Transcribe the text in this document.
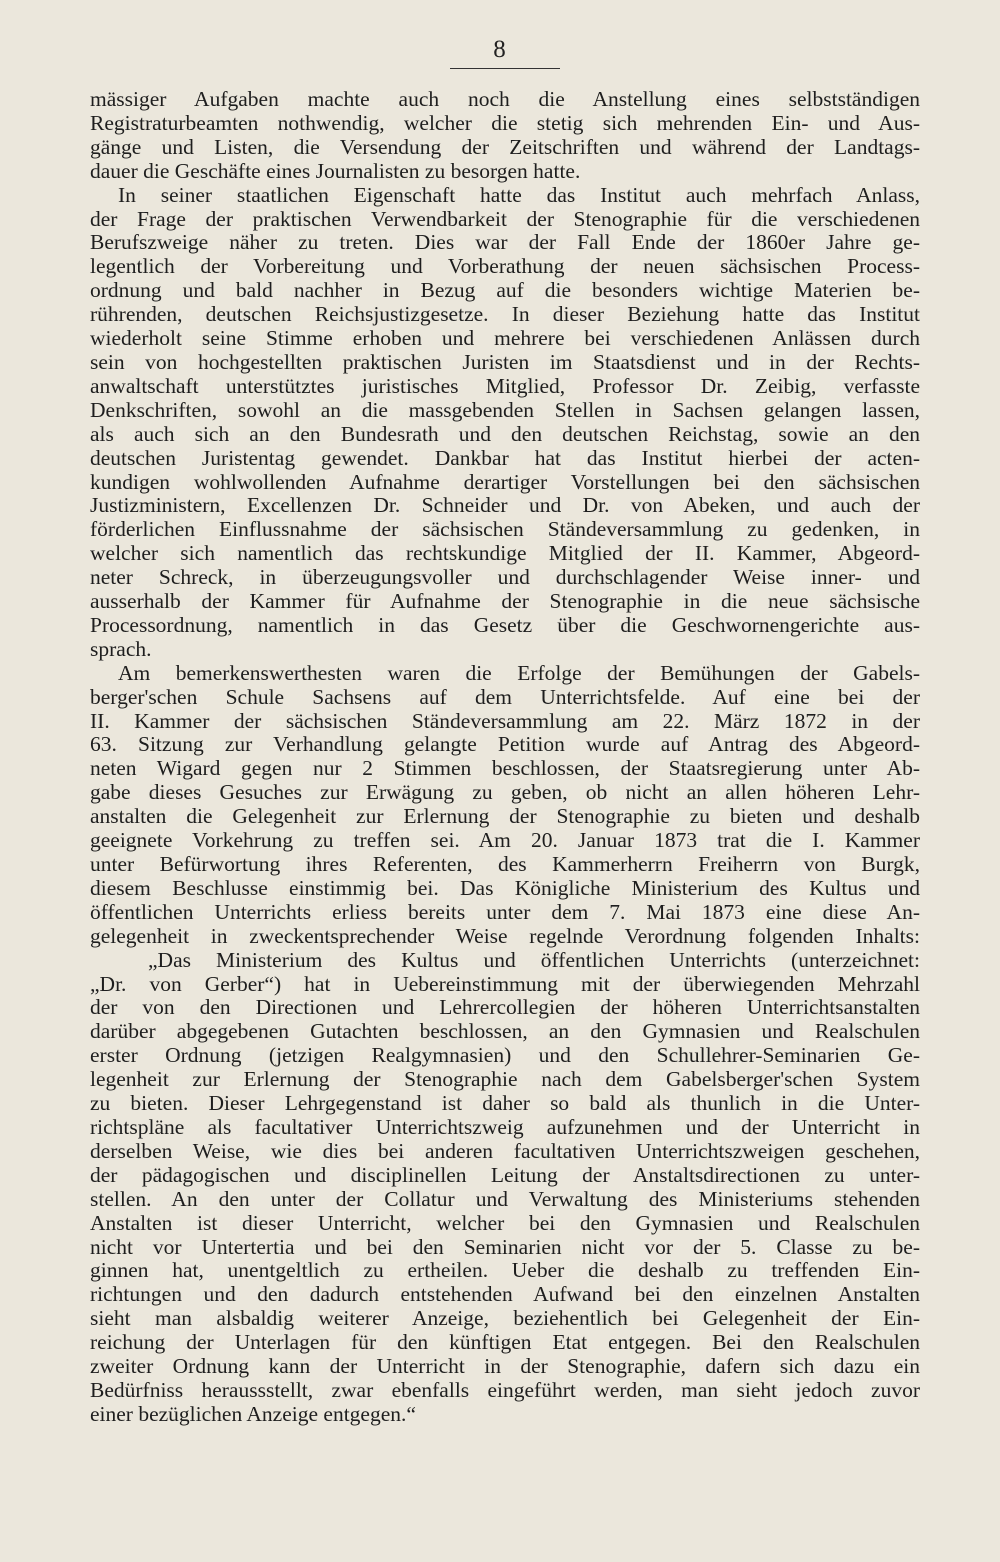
8
mässiger Aufgaben machte auch noch die Anstellung eines selbstständigen
Registraturbeamten nothwendig, welcher die stetig sich mehrenden Ein- und Aus-
gänge und Listen, die Versendung der Zeitschriften und während der Landtags-
dauer die Geschäfte eines Journalisten zu besorgen hatte.
In seiner staatlichen Eigenschaft hatte das Institut auch mehrfach Anlass,
der Frage der praktischen Verwendbarkeit der Stenographie für die verschiedenen
Berufszweige näher zu treten. Dies war der Fall Ende der 1860er Jahre ge-
legentlich der Vorbereitung und Vorberathung der neuen sächsischen Process-
ordnung und bald nachher in Bezug auf die besonders wichtige Materien be-
rührenden, deutschen Reichsjustizgesetze. In dieser Beziehung hatte das Institut
wiederholt seine Stimme erhoben und mehrere bei verschiedenen Anlässen durch
sein von hochgestellten praktischen Juristen im Staatsdienst und in der Rechts-
anwaltschaft unterstütztes juristisches Mitglied, Professor Dr. Zeibig, verfasste
Denkschriften, sowohl an die massgebenden Stellen in Sachsen gelangen lassen,
als auch sich an den Bundesrath und den deutschen Reichstag, sowie an den
deutschen Juristentag gewendet. Dankbar hat das Institut hierbei der acten-
kundigen wohlwollenden Aufnahme derartiger Vorstellungen bei den sächsischen
Justizministern, Excellenzen Dr. Schneider und Dr. von Abeken, und auch der
förderlichen Einflussnahme der sächsischen Ständeversammlung zu gedenken, in
welcher sich namentlich das rechtskundige Mitglied der II. Kammer, Abgeord-
neter Schreck, in überzeugungsvoller und durchschlagender Weise inner- und
ausserhalb der Kammer für Aufnahme der Stenographie in die neue sächsische
Processordnung, namentlich in das Gesetz über die Geschwornengerichte aus-
sprach.
Am bemerkenswerthesten waren die Erfolge der Bemühungen der Gabels-
berger'schen Schule Sachsens auf dem Unterrichtsfelde. Auf eine bei der
II. Kammer der sächsischen Ständeversammlung am 22. März 1872 in der
63. Sitzung zur Verhandlung gelangte Petition wurde auf Antrag des Abgeord-
neten Wigard gegen nur 2 Stimmen beschlossen, der Staatsregierung unter Ab-
gabe dieses Gesuches zur Erwägung zu geben, ob nicht an allen höheren Lehr-
anstalten die Gelegenheit zur Erlernung der Stenographie zu bieten und deshalb
geeignete Vorkehrung zu treffen sei. Am 20. Januar 1873 trat die I. Kammer
unter Befürwortung ihres Referenten, des Kammerherrn Freiherrn von Burgk,
diesem Beschlusse einstimmig bei. Das Königliche Ministerium des Kultus und
öffentlichen Unterrichts erliess bereits unter dem 7. Mai 1873 eine diese An-
gelegenheit in zweckentsprechender Weise regelnde Verordnung folgenden Inhalts:
„Das Ministerium des Kultus und öffentlichen Unterrichts (unterzeichnet:
„Dr. von Gerber“) hat in Uebereinstimmung mit der überwiegenden Mehrzahl
der von den Directionen und Lehrercollegien der höheren Unterrichtsanstalten
darüber abgegebenen Gutachten beschlossen, an den Gymnasien und Realschulen
erster Ordnung (jetzigen Realgymnasien) und den Schullehrer-Seminarien Ge-
legenheit zur Erlernung der Stenographie nach dem Gabelsberger'schen System
zu bieten. Dieser Lehrgegenstand ist daher so bald als thunlich in die Unter-
richtspläne als facultativer Unterrichtszweig aufzunehmen und der Unterricht in
derselben Weise, wie dies bei anderen facultativen Unterrichtszweigen geschehen,
der pädagogischen und disciplinellen Leitung der Anstaltsdirectionen zu unter-
stellen. An den unter der Collatur und Verwaltung des Ministeriums stehenden
Anstalten ist dieser Unterricht, welcher bei den Gymnasien und Realschulen
nicht vor Untertertia und bei den Seminarien nicht vor der 5. Classe zu be-
ginnen hat, unentgeltlich zu ertheilen. Ueber die deshalb zu treffenden Ein-
richtungen und den dadurch entstehenden Aufwand bei den einzelnen Anstalten
sieht man alsbaldig weiterer Anzeige, beziehentlich bei Gelegenheit der Ein-
reichung der Unterlagen für den künftigen Etat entgegen. Bei den Realschulen
zweiter Ordnung kann der Unterricht in der Stenographie, dafern sich dazu ein
Bedürfniss heraussstellt, zwar ebenfalls eingeführt werden, man sieht jedoch zuvor
einer bezüglichen Anzeige entgegen.“
